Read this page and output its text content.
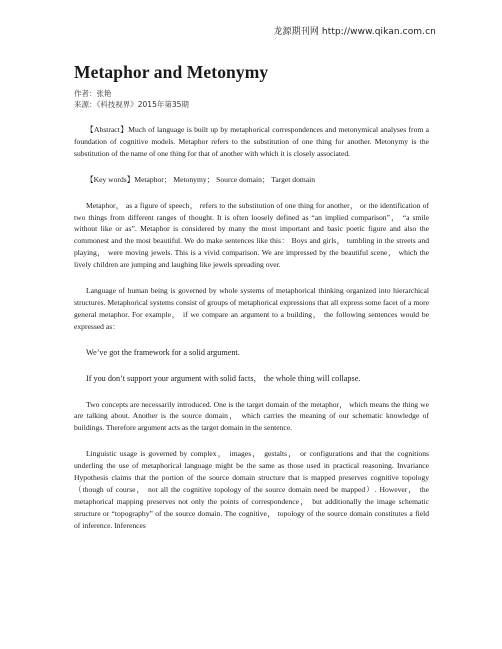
龙源期刊网 http://www.qikan.com.cn
Metaphor and Metonymy
作者：张艳
来源：《科技视界》2015年第35期
【Abstract】Much of language is built up by metaphorical correspondences and metonymical analyses from a foundation of cognitive models. Metaphor refers to the substitution of one thing for another. Metonymy is the substitution of the name of one thing for that of another with which it is closely associated.
【Key words】Metaphor； Metonymy； Source domain； Target domain
Metaphor， as a figure of speech， refers to the substitution of one thing for another， or the identification of two things from different ranges of thought. It is often loosely defined as “an implied comparison”， “a smile without like or as”. Metaphor is considered by many the most important and basic poetic figure and also the commonest and the most beautiful. We do make sentences like this： Boys and girls， tumbling in the streets and playing， were moving jewels. This is a vivid comparison. We are impressed by the beautiful scene， which the lively children are jumping and laughing like jewels spreading over.
Language of human being is governed by whole systems of metaphorical thinking organized into hierarchical structures. Metaphorical systems consist of groups of metaphorical expressions that all express some facet of a more general metaphor. For example， if we compare an argument to a building， the following sentences would be expressed as：
We’ve got the framework for a solid argument.
If you don’t support your argument with solid facts， the whole thing will collapse.
Two concepts are necessarily introduced. One is the target domain of the metaphor， which means the thing we are talking about. Another is the source domain， which carries the meaning of our schematic knowledge of buildings. Therefore argument acts as the target domain in the sentence.
Linguistic usage is governed by complex， images， gestalts， or configurations and that the cognitions underling the use of metaphorical language might be the same as those used in practical reasoning. Invariance Hypothesis claims that the portion of the source domain structure that is mapped preserves cognitive topology（though of course， not all the cognitive topology of the source domain need be mapped）. However， the metaphorical mapping preserves not only the points of correspondence， but additionally the image schematic structure or “topography” of the source domain. The cognitive， topology of the source domain constitutes a field of inference. Inferences
